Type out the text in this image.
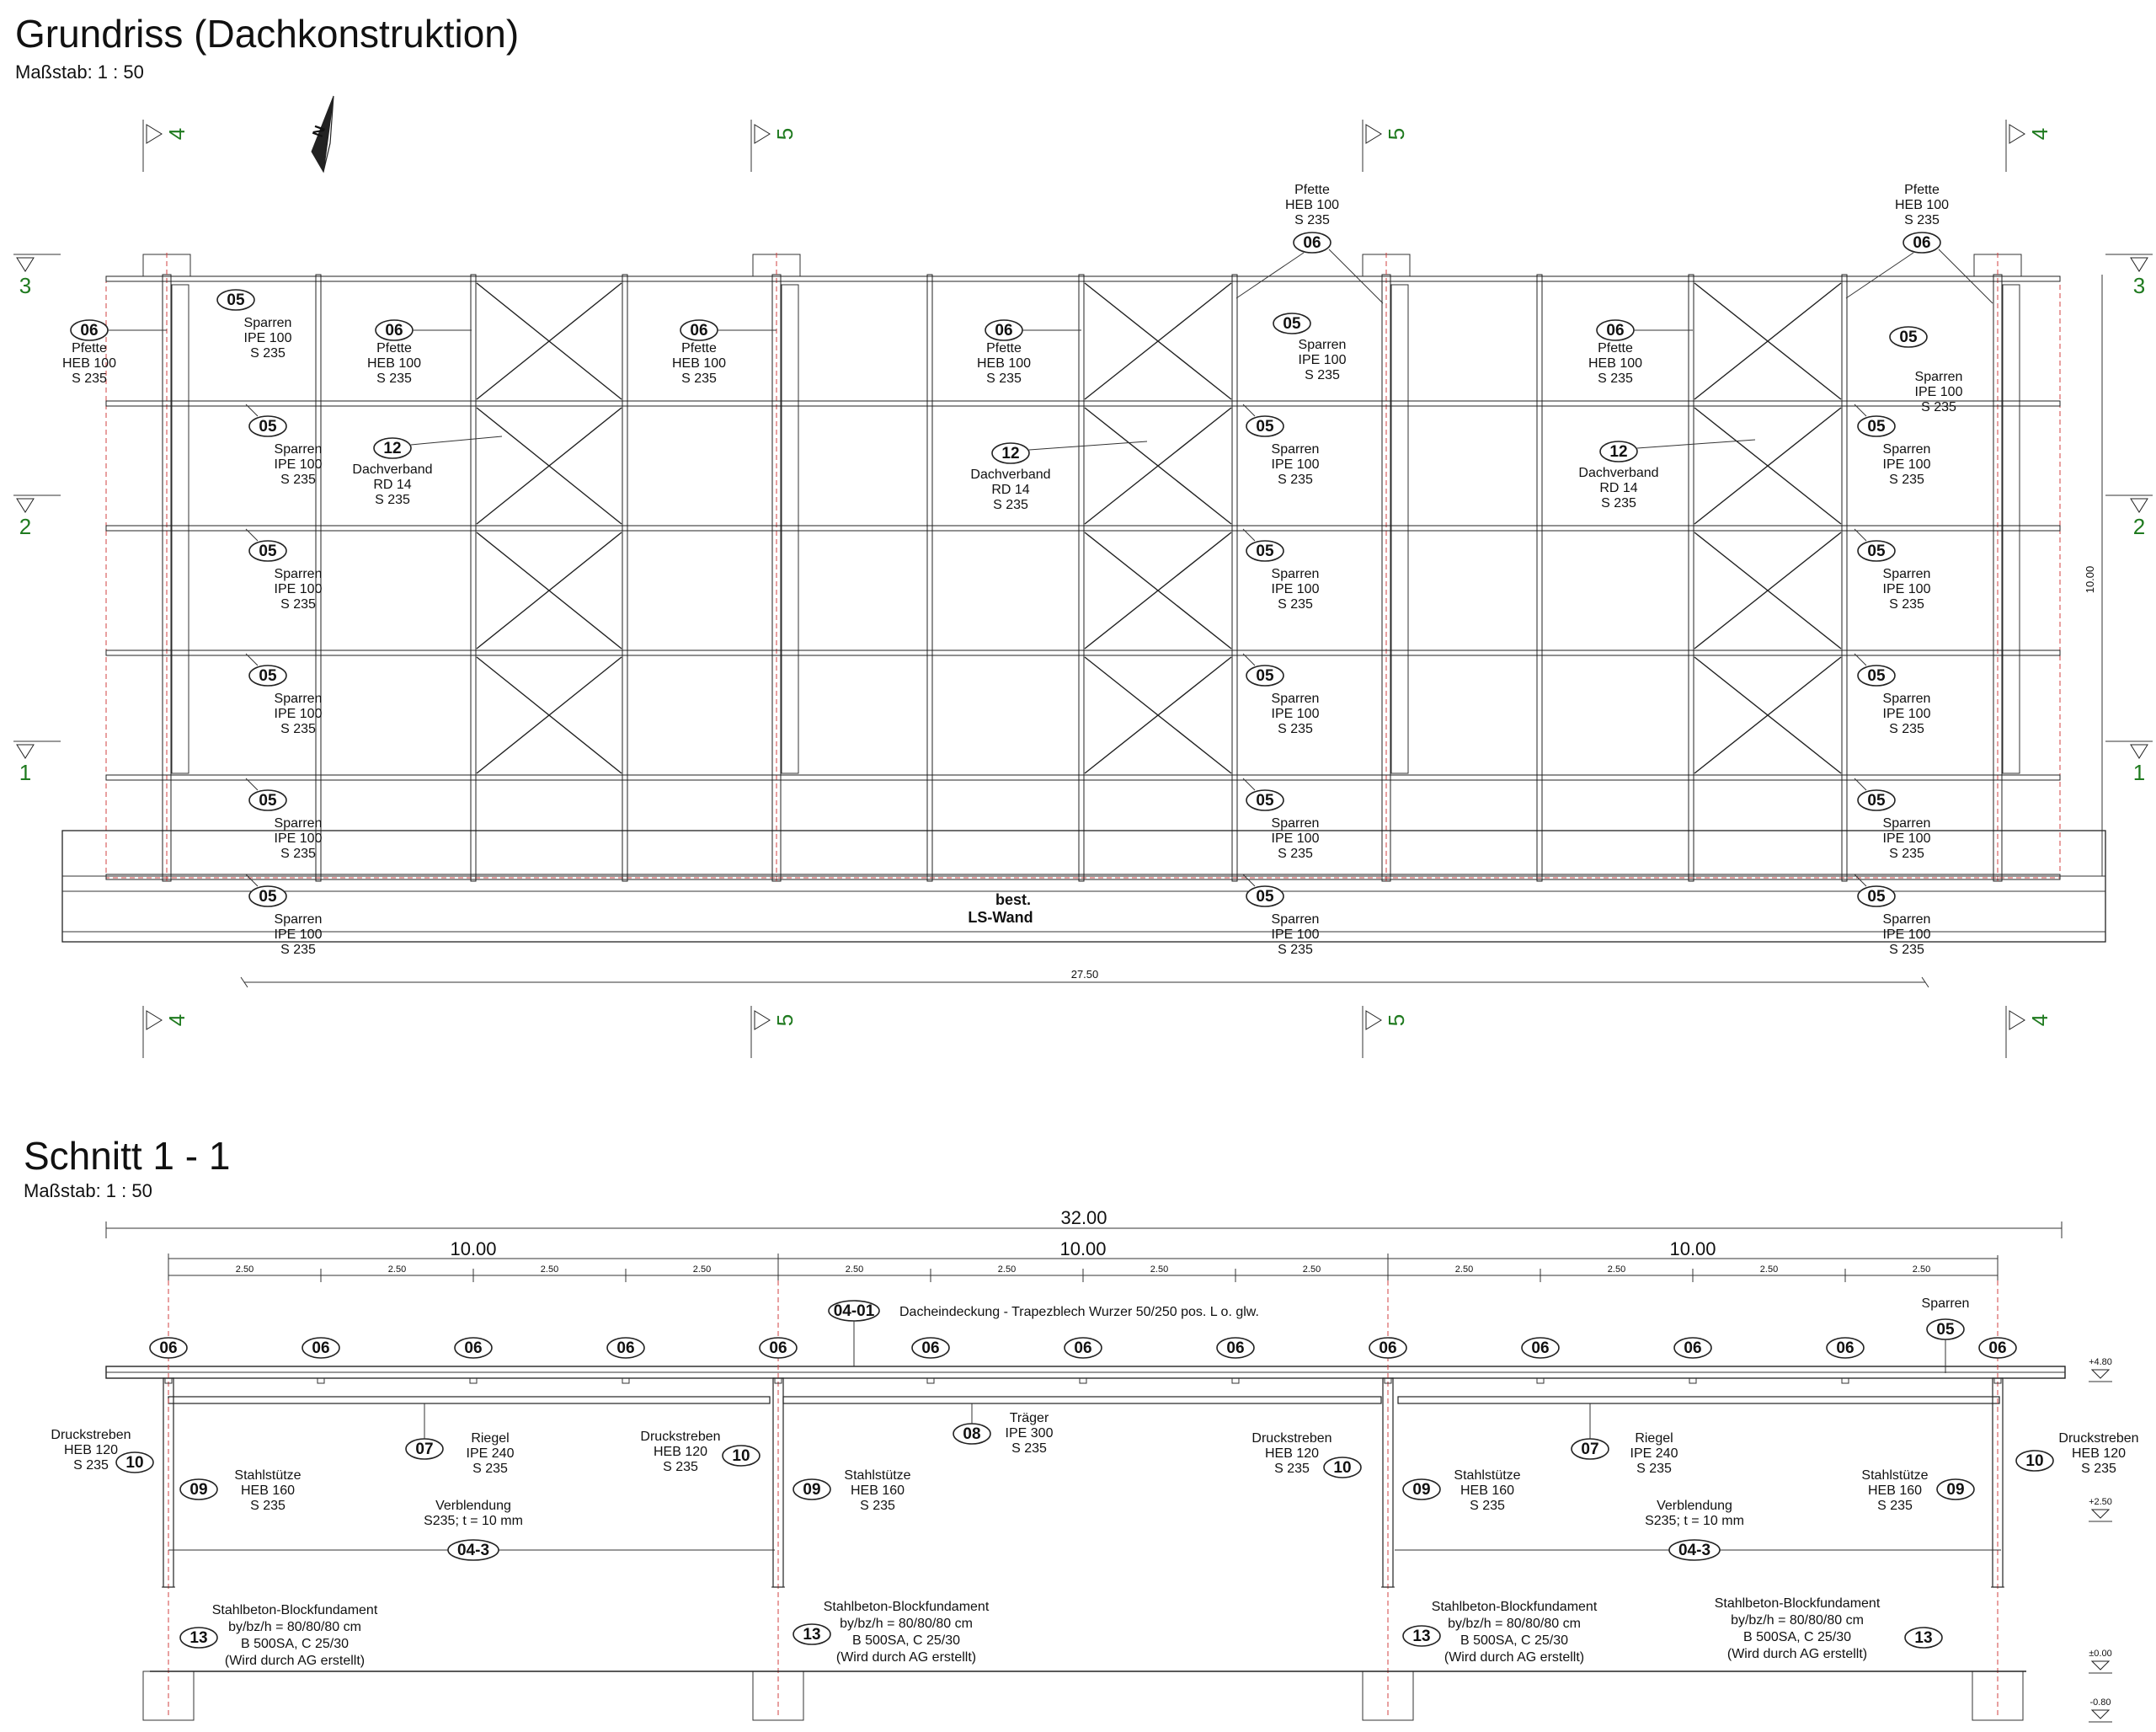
Grundriss (Dachkonstruktion)
Maßstab: 1 : 50
Schnitt 1 - 1
Maßstab: 1 : 50
N
best.
LS-Wand
27.50
10.00
4
4
5
5
5
5
4
4
3	3
2	2
1	1
06
Pfette
HEB 100
S 235
06
Pfette
HEB 100
S 235
06
Pfette
HEB 100
S 235
06
Pfette
HEB 100
S 235
06
Pfette
HEB 100
S 235
Pfette
HEB 100
S 235
06
Pfette
HEB 100
S 235
06
05
Sparren
IPE 100
S 235
05
Sparren
IPE 100
S 235
05
Sparren
IPE 100
S 235
05
Sparren
IPE 100
S 235
05
Sparren
IPE 100
S 235
05
Sparren
IPE 100
S 235
05
Sparren
IPE 100
S 235
05
Sparren
IPE 100
S 235
05
Sparren
IPE 100
S 235
05
Sparren
IPE 100
S 235
05
Sparren
IPE 100
S 235
05
Sparren
IPE 100
S 235
05
Sparren
IPE 100
S 235
05
Sparren
IPE 100
S 235
05
Sparren
IPE 100
S 235
05
Sparren
IPE 100
S 235
05
Sparren
IPE 100
S 235
05
Sparren
IPE 100
S 235
12
Dachverband
RD 14
S 235
12
Dachverband
RD 14
S 235
12
Dachverband
RD 14
S 235
32.00
10.00
2.50	2.50	2.50	2.50
10.00
2.50	2.50	2.50	2.50
10.00
2.50	2.50	2.50	2.50
+4.80
+2.50
±0.00
-0.80
06	06	06	06	06	06	06	06	06	06	06	06	06
04-01 Dacheindeckung - Trapezblech Wurzer 50/250 pos. L o. glw.
Sparren
05
07
Riegel
IPE 240
S 235
07
Riegel
IPE 240
S 235
08
Träger
IPE 300
S 235
10
Druckstreben
HEB 120
S 235
10
Druckstreben
HEB 120
S 235	10
Druckstreben
HEB 120
S 235	10
Druckstreben
HEB 120
S 235
09
Stahlstütze
HEB 160
S 235
09
Stahlstütze
HEB 160
S 235
09
Stahlstütze
HEB 160
S 235
09
Stahlstütze
HEB 160
S 235
04-3
Verblendung
S235; t = 10 mm
04-3
Verblendung
S235; t = 10 mm
13
Stahlbeton-Blockfundament
by/bz/h = 80/80/80 cm
B 500SA, C 25/30
(Wird durch AG erstellt)
13
Stahlbeton-Blockfundament
by/bz/h = 80/80/80 cm
B 500SA, C 25/30
(Wird durch AG erstellt)
13
Stahlbeton-Blockfundament
by/bz/h = 80/80/80 cm
B 500SA, C 25/30
(Wird durch AG erstellt)
13
Stahlbeton-Blockfundament
by/bz/h = 80/80/80 cm
B 500SA, C 25/30
(Wird durch AG erstellt)
